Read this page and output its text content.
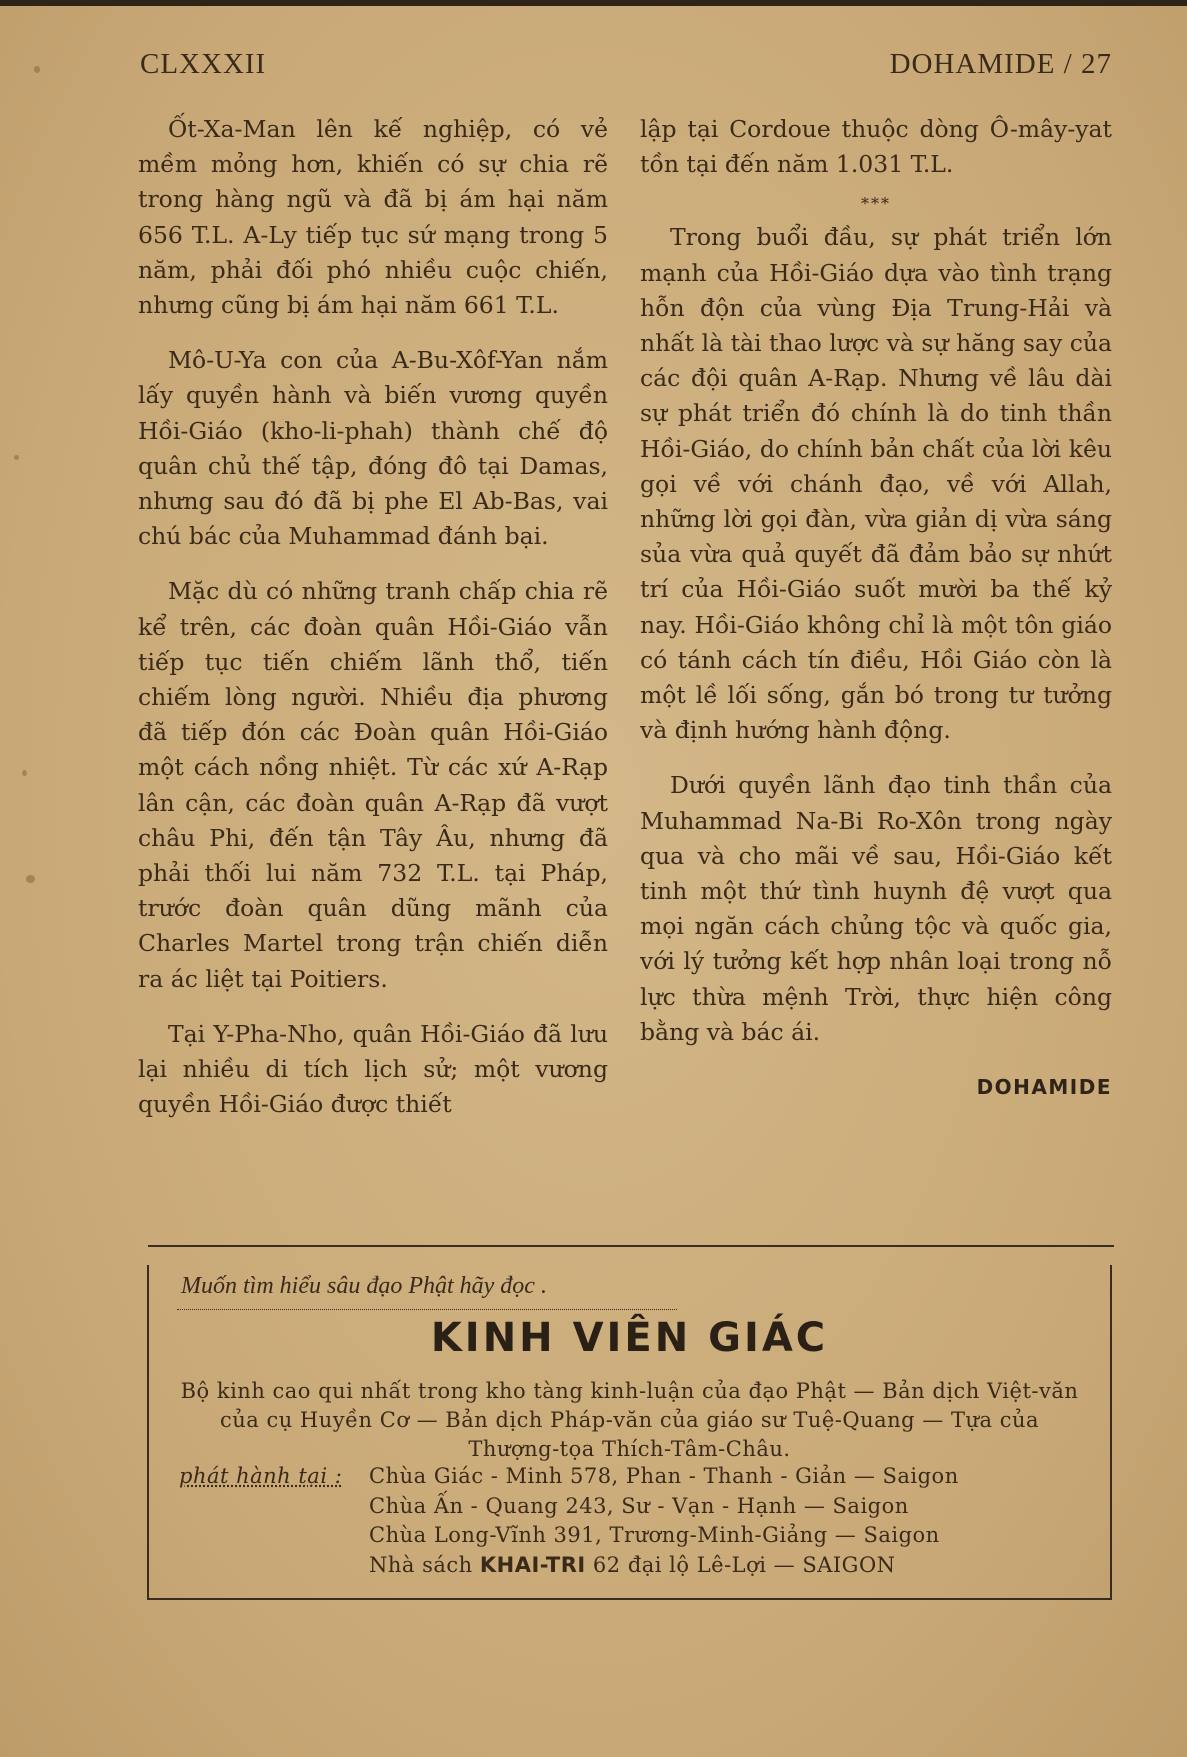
CLXXXII	DOHAMIDE / 27

Ốt-Xa-Man lên kế nghiệp, có vẻ mềm mỏng hơn, khiến có sự chia rẽ trong hàng ngũ và đã bị ám hại năm 656 T.L. A-Ly tiếp tục sứ mạng trong 5 năm, phải đối phó nhiều cuộc chiến, nhưng cũng bị ám hại năm 661 T.L.

Mô-U-Ya con của A-Bu-Xôf-Yan nắm lấy quyền hành và biến vương quyền Hồi-Giáo (kho-li-phah) thành chế độ quân chủ thế tập, đóng đô tại Damas, nhưng sau đó đã bị phe El Ab-Bas, vai chú bác của Muhammad đánh bại.

Mặc dù có những tranh chấp chia rẽ kể trên, các đoàn quân Hồi-Giáo vẫn tiếp tục tiến chiếm lãnh thổ, tiến chiếm lòng người. Nhiều địa phương đã tiếp đón các Đoàn quân Hồi-Giáo một cách nồng nhiệt. Từ các xứ A-Rạp lân cận, các đoàn quân A-Rạp đã vượt châu Phi, đến tận Tây Âu, nhưng đã phải thối lui năm 732 T.L. tại Pháp, trước đoàn quân dũng mãnh của Charles Martel trong trận chiến diễn ra ác liệt tại Poitiers.

Tại Y-Pha-Nho, quân Hồi-Giáo đã lưu lại nhiều di tích lịch sử; một vương quyền Hồi-Giáo được thiết

lập tại Cordoue thuộc dòng Ô-mây-yat tồn tại đến năm 1.031 T.L.

***

Trong buổi đầu, sự phát triển lớn mạnh của Hồi-Giáo dựa vào tình trạng hỗn độn của vùng Địa Trung-Hải và nhất là tài thao lược và sự hăng say của các đội quân A-Rạp. Nhưng về lâu dài sự phát triển đó chính là do tinh thần Hồi-Giáo, do chính bản chất của lời kêu gọi về với chánh đạo, về với Allah, những lời gọi đàn, vừa giản dị vừa sáng sủa vừa quả quyết đã đảm bảo sự nhứt trí của Hồi-Giáo suốt mười ba thế kỷ nay. Hồi-Giáo không chỉ là một tôn giáo có tánh cách tín điều, Hồi Giáo còn là một lề lối sống, gắn bó trong tư tưởng và định hướng hành động.

Dưới quyền lãnh đạo tinh thần của Muhammad Na-Bi Ro-Xôn trong ngày qua và cho mãi về sau, Hồi-Giáo kết tinh một thứ tình huynh đệ vượt qua mọi ngăn cách chủng tộc và quốc gia, với lý tưởng kết hợp nhân loại trong nỗ lực thừa mệnh Trời, thực hiện công bằng và bác ái.

DOHAMIDE
Muốn tìm hiểu sâu đạo Phật hãy đọc .
KINH VIÊN GIÁC
Bộ kinh cao qui nhất trong kho tàng kinh-luận của đạo Phật — Bản dịch Việt-văn của cụ Huyền Cơ — Bản dịch Pháp-văn của giáo sư Tuệ-Quang — Tựa của Thượng-tọa Thích-Tâm-Châu.
phát hành tại : Chùa Giác - Minh 578, Phan - Thanh - Giản — Saigon
Chùa Ấn - Quang 243, Sư - Vạn - Hạnh — Saigon
Chùa Long-Vĩnh 391, Trương-Minh-Giảng — Saigon
Nhà sách KHAI-TRI 62 đại lộ Lê-Lợi — SAIGON
